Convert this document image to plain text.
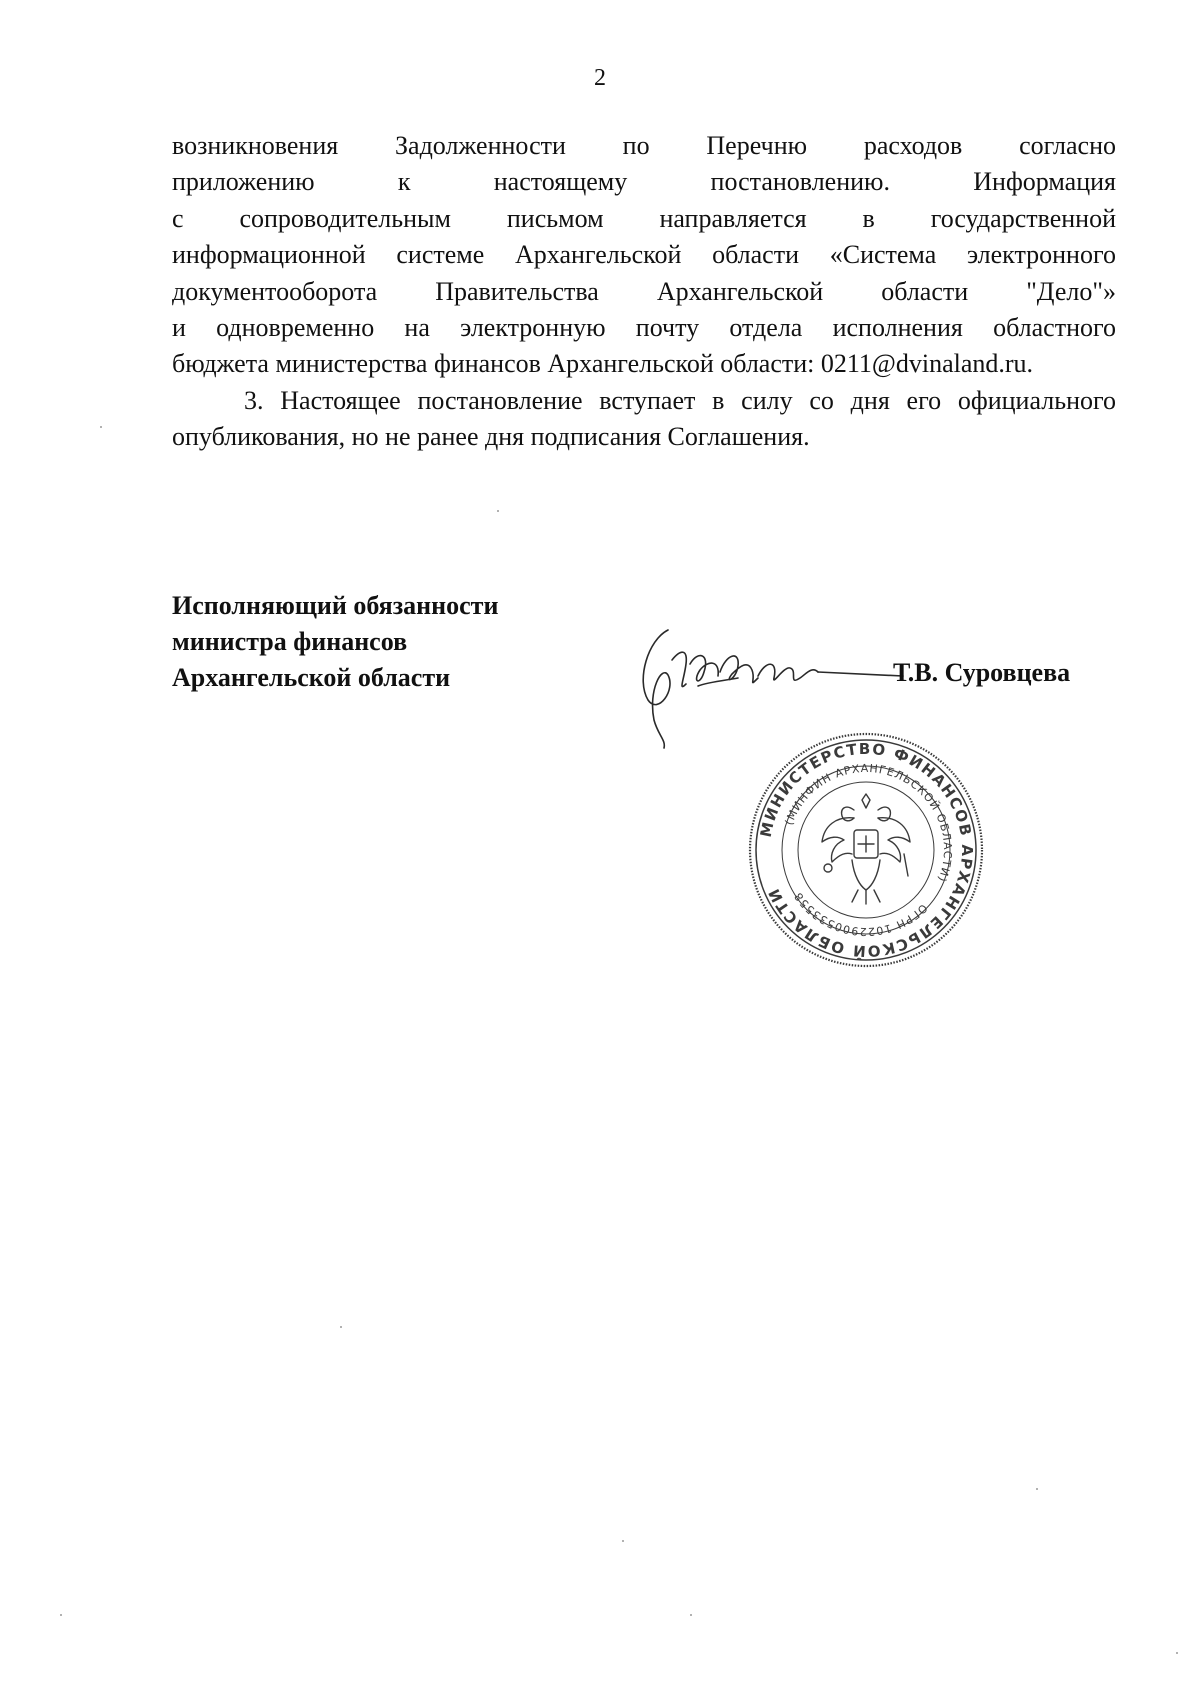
2

возникновения Задолженности по Перечню расходов согласно
приложению к настоящему постановлению. Информация
с сопроводительным письмом направляется в государственной
информационной системе Архангельской области «Система электронного
документооборота Правительства Архангельской области "Дело"»
и одновременно на электронную почту отдела исполнения областного
бюджета министерства финансов Архангельской области: 0211@dvinaland.ru.

3. Настоящее постановление вступает в силу со дня его официального
опубликования, но не ранее дня подписания Соглашения.

Исполняющий обязанности
министра финансов
Архангельской области	Т.В. Суровцева
МИНИСТЕРСТВО ФИНАНСОВ АРХАНГЕЛЬСКОЙ ОБЛАСТИ
(МИНФИН АРХАНГЕЛЬСКОЙ ОБЛАСТИ)
ОГРН 1022900533558
